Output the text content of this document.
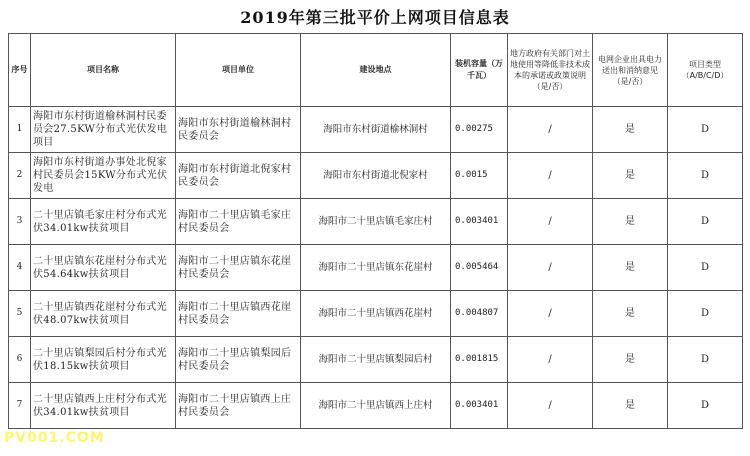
2019年第三批平价上网项目信息表
序号	项目名称	项目单位	建设地点	装机容量（万千瓦）	地方政府有关部门对土地使用等降低非技术成本的承诺或政策说明（是/否）	电网企业出具电力送出和消纳意见（是/否）	项目类型（A/B/C/D）
1	海阳市东村街道榆林洞村民委员会27.5KW分布式光伏发电项目	海阳市东村街道榆林洞村民委员会	海阳市东村街道榆林洞村	0.00275	/	是	D
2	海阳市东村街道办事处北倪家村民委员会15KW分布式光伏发电	海阳市东村街道北倪家村民委员会	海阳市东村街道北倪家村	0.0015	/	是	D
3	二十里店镇毛家庄村分布式光伏34.01kw扶贫项目	海阳市二十里店镇毛家庄村民委员会	海阳市二十里店镇毛家庄村	0.003401	/	是	D
4	二十里店镇东花崖村分布式光伏54.64kw扶贫项目	海阳市二十里店镇东花崖村民委员会	海阳市二十里店镇东花崖村	0.005464	/	是	D
5	二十里店镇西花崖村分布式光伏48.07kw扶贫项目	海阳市二十里店镇西花崖村民委员会	海阳市二十里店镇西花崖村	0.004807	/	是	D
6	二十里店镇梨园后村分布式光伏18.15kw扶贫项目	海阳市二十里店镇梨园后村民委员会	海阳市二十里店镇梨园后村	0.001815	/	是	D
7	二十里店镇西上庄村分布式光伏34.01kw扶贫项目	海阳市二十里店镇西上庄村民委员会	海阳市二十里店镇西上庄村	0.003401	/	是	D
PV001.COM
